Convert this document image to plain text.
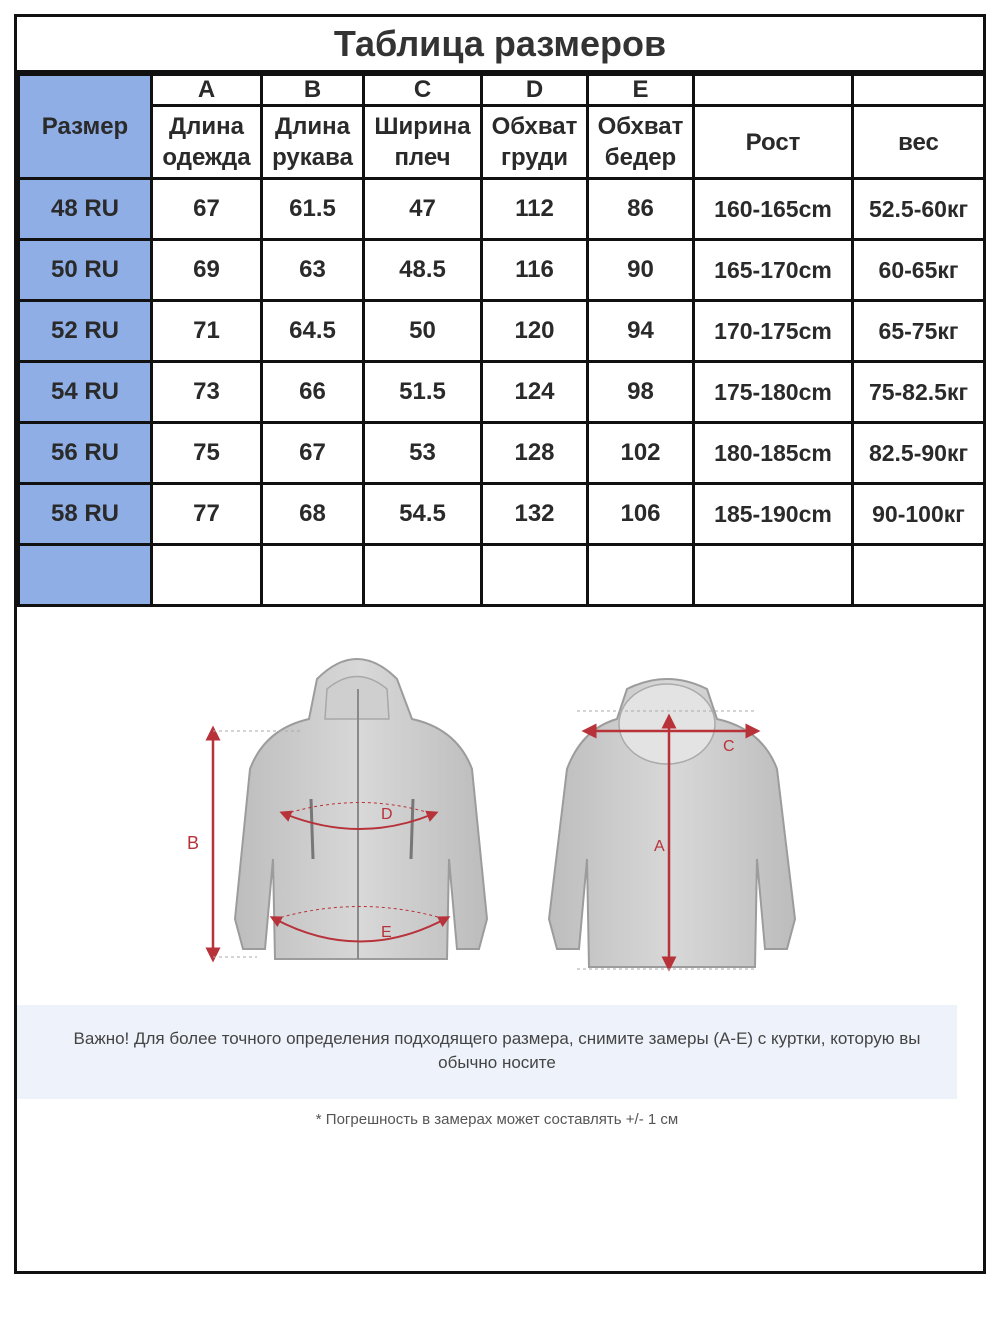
Таблица размеров
Размер	A	B	C	D	E		
	Длина одежда	Длина рукава	Ширина плеч	Обхват груди	Обхват бедер	Рост	вес
48 RU	67	61.5	47	112	86	160-165cm	52.5-60кг
50 RU	69	63	48.5	116	90	165-170cm	60-65кг
52 RU	71	64.5	50	120	94	170-175cm	65-75кг
54 RU	73	66	51.5	124	98	175-180cm	75-82.5кг
56 RU	75	67	53	128	102	180-185cm	82.5-90кг
58 RU	77	68	54.5	132	106	185-190cm	90-100кг

B
D
E
C
A
Важно! Для более точного определения подходящего размера, снимите замеры (А-Е) с куртки, которую вы обычно носите
* Погрешность в замерах может составлять +/- 1 см
